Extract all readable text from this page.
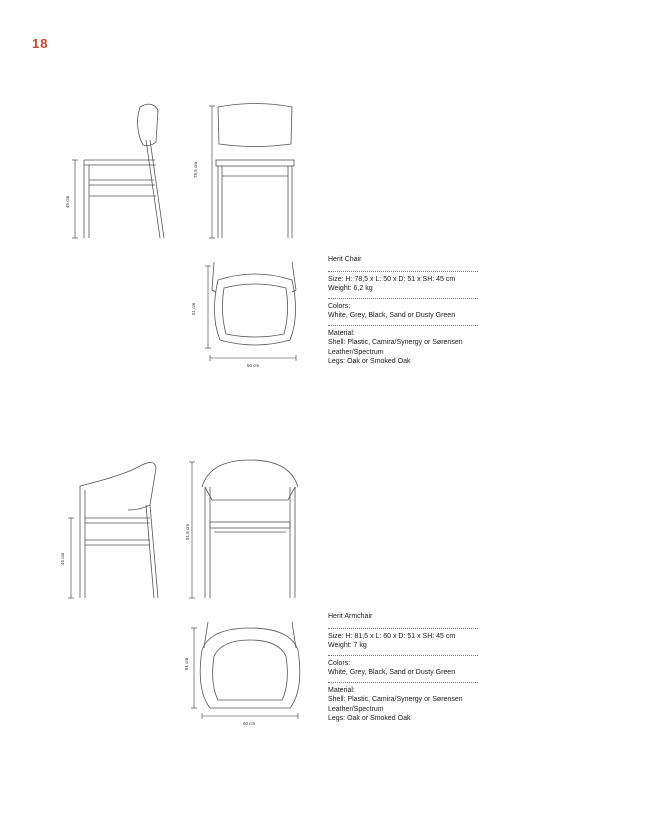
18
45 cm
78,5 cm
51 cm
50 cm
45 cm
81,5 cm
51 cm
60 cm
Herit Chair
Size: H: 78,5 x L: 50 x D: 51 x SH: 45 cm
Weight: 6,2 kg
Colors:
White, Grey, Black, Sand or Dusty Green
Material:
Shell: Plastic, Camira/Synergy or Sørensen Leather/Spectrum
Legs: Oak or Smoked Oak
Herit Armchair
Size: H: 81,5 x L: 60 x D: 51 x SH: 45 cm
Weight: 7 kg
Colors:
White, Grey, Black, Sand or Dusty Green
Material:
Shell: Plastic, Camira/Synergy or Sørensen Leather/Spectrum
Legs: Oak or Smoked Oak
